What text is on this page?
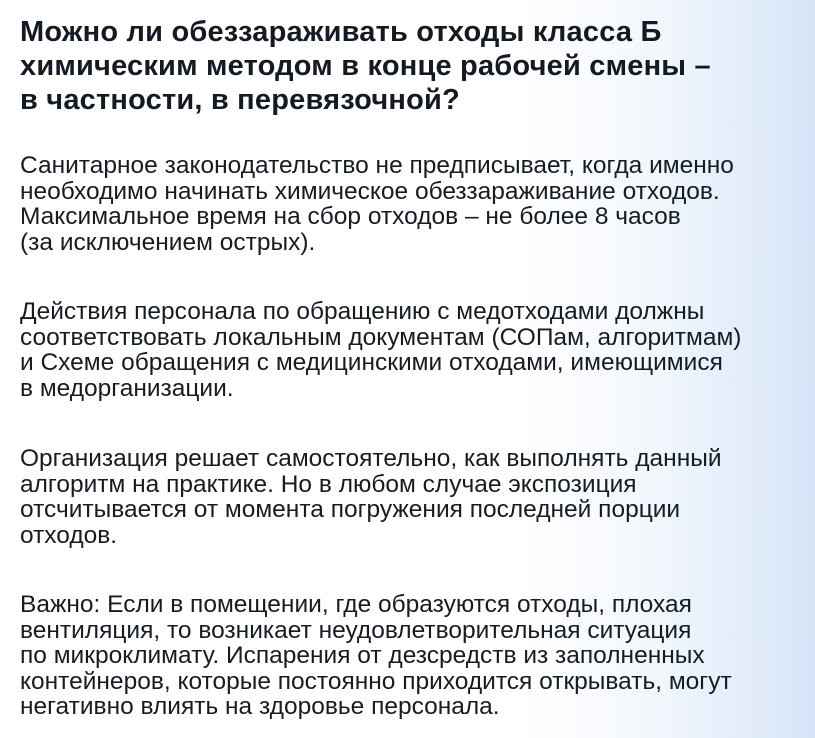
Можно ли обеззараживать отходы класса Б
химическим методом в конце рабочей смены –
в частности, в перевязочной?

Санитарное законодательство не предписывает, когда именно
необходимо начинать химическое обеззараживание отходов.
Максимальное время на сбор отходов – не более 8 часов
(за исключением острых).

Действия персонала по обращению с медотходами должны
соответствовать локальным документам (СОПам, алгоритмам)
и Схеме обращения с медицинскими отходами, имеющимися
в медорганизации.

Организация решает самостоятельно, как выполнять данный
алгоритм на практике. Но в любом случае экспозиция
отсчитывается от момента погружения последней порции
отходов.

Важно: Если в помещении, где образуются отходы, плохая
вентиляция, то возникает неудовлетворительная ситуация
по микроклимату. Испарения от дезсредств из заполненных
контейнеров, которые постоянно приходится открывать, могут
негативно влиять на здоровье персонала.
